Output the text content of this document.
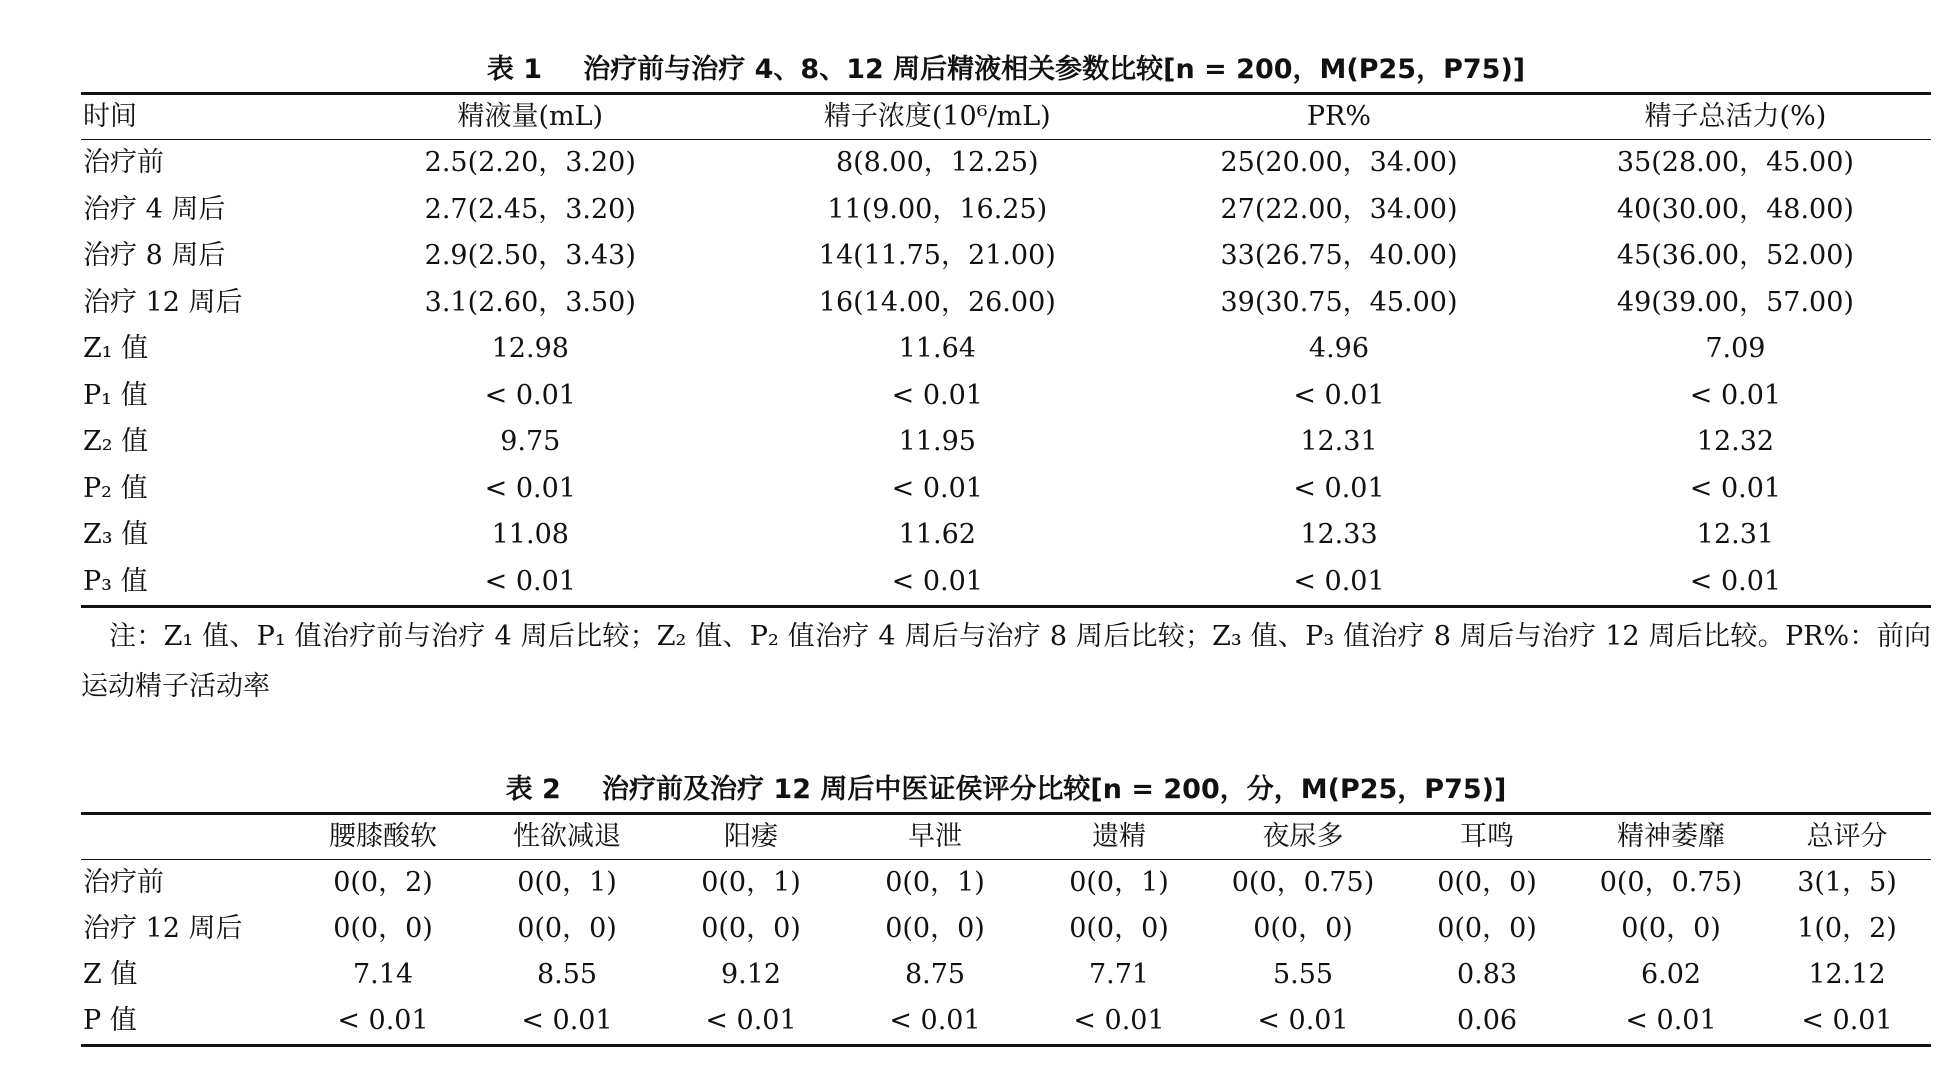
表 1 治疗前与治疗 4、8、12 周后精液相关参数比较[n = 200，M(P25，P75)]
时间	精液量(mL)	精子浓度(10⁶/mL)	PR%	精子总活力(%)
治疗前	2.5(2.20，3.20)	8(8.00，12.25)	25(20.00，34.00)	35(28.00，45.00)
治疗 4 周后	2.7(2.45，3.20)	11(9.00，16.25)	27(22.00，34.00)	40(30.00，48.00)
治疗 8 周后	2.9(2.50，3.43)	14(11.75，21.00)	33(26.75，40.00)	45(36.00，52.00)
治疗 12 周后	3.1(2.60，3.50)	16(14.00，26.00)	39(30.75，45.00)	49(39.00，57.00)
Z₁ 值	12.98	11.64	4.96	7.09
P₁ 值	< 0.01	< 0.01	< 0.01	< 0.01
Z₂ 值	9.75	11.95	12.31	12.32
P₂ 值	< 0.01	< 0.01	< 0.01	< 0.01
Z₃ 值	11.08	11.62	12.33	12.31
P₃ 值	< 0.01	< 0.01	< 0.01	< 0.01
注：Z₁ 值、P₁ 值治疗前与治疗 4 周后比较；Z₂ 值、P₂ 值治疗 4 周后与治疗 8 周后比较；Z₃ 值、P₃ 值治疗 8 周后与治疗 12 周后比较。PR%：前向运动精子活动率
表 2 治疗前及治疗 12 周后中医证侯评分比较[n = 200，分，M(P25，P75)]
	腰膝酸软	性欲减退	阳痿	早泄	遗精	夜尿多	耳鸣	精神萎靡	总评分
治疗前	0(0，2)	0(0，1)	0(0，1)	0(0，1)	0(0，1)	0(0，0.75)	0(0，0)	0(0，0.75)	3(1，5)
治疗 12 周后	0(0，0)	0(0，0)	0(0，0)	0(0，0)	0(0，0)	0(0，0)	0(0，0)	0(0，0)	1(0，2)
Z 值	7.14	8.55	9.12	8.75	7.71	5.55	0.83	6.02	12.12
P 值	< 0.01	< 0.01	< 0.01	< 0.01	< 0.01	< 0.01	0.06	< 0.01	< 0.01
